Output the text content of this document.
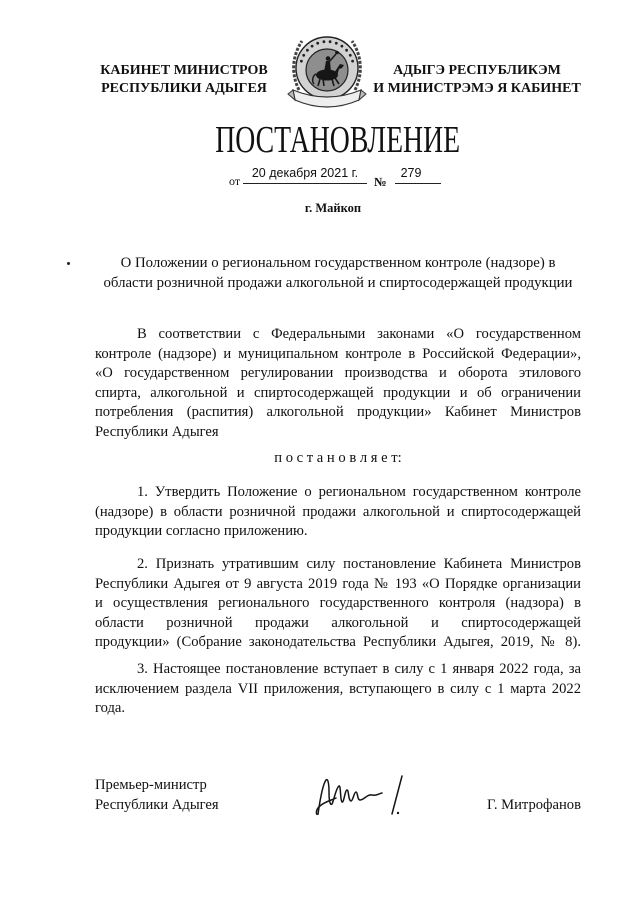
КАБИНЕТ МИНИСТРОВ
РЕСПУБЛИКИ АДЫГЕЯ
АДЫГЭ РЕСПУБЛИКЭМ
И МИНИСТРЭМЭ Я КАБИНЕТ
ПОСТАНОВЛЕНИЕ
от
20 декабря 2021 г.
№
279
г. Майкоп
О Положении о региональном государственном контроле (надзоре) в
области розничной продажи алкогольной и спиртосодержащей продукции
В соответствии с Федеральными законами «О государственном
контроле (надзоре) и муниципальном контроле в Российской Федерации»,
«О государственном регулировании производства и оборота этилового
спирта, алкогольной и спиртосодержащей продукции и об ограничении
потребления (распития) алкогольной продукции» Кабинет Министров
Республики Адыгея
п о с т а н о в л я е т:
1. Утвердить Положение о региональном государственном контроле
(надзоре) в области розничной продажи алкогольной и спиртосодержащей
продукции согласно приложению.
2. Признать утратившим силу постановление Кабинета Министров
Республики Адыгея от 9 августа 2019 года № 193 «О Порядке организации
и осуществления регионального государственного контроля (надзора) в
области розничной продажи алкогольной и спиртосодержащей
продукции» (Собрание законодательства Республики Адыгея, 2019, № 8).
3. Настоящее постановление вступает в силу с 1 января 2022 года, за
исключением раздела VII приложения, вступающего в силу с 1 марта 2022
года.
Премьер-министр
Республики Адыгея	Г. Митрофанов
